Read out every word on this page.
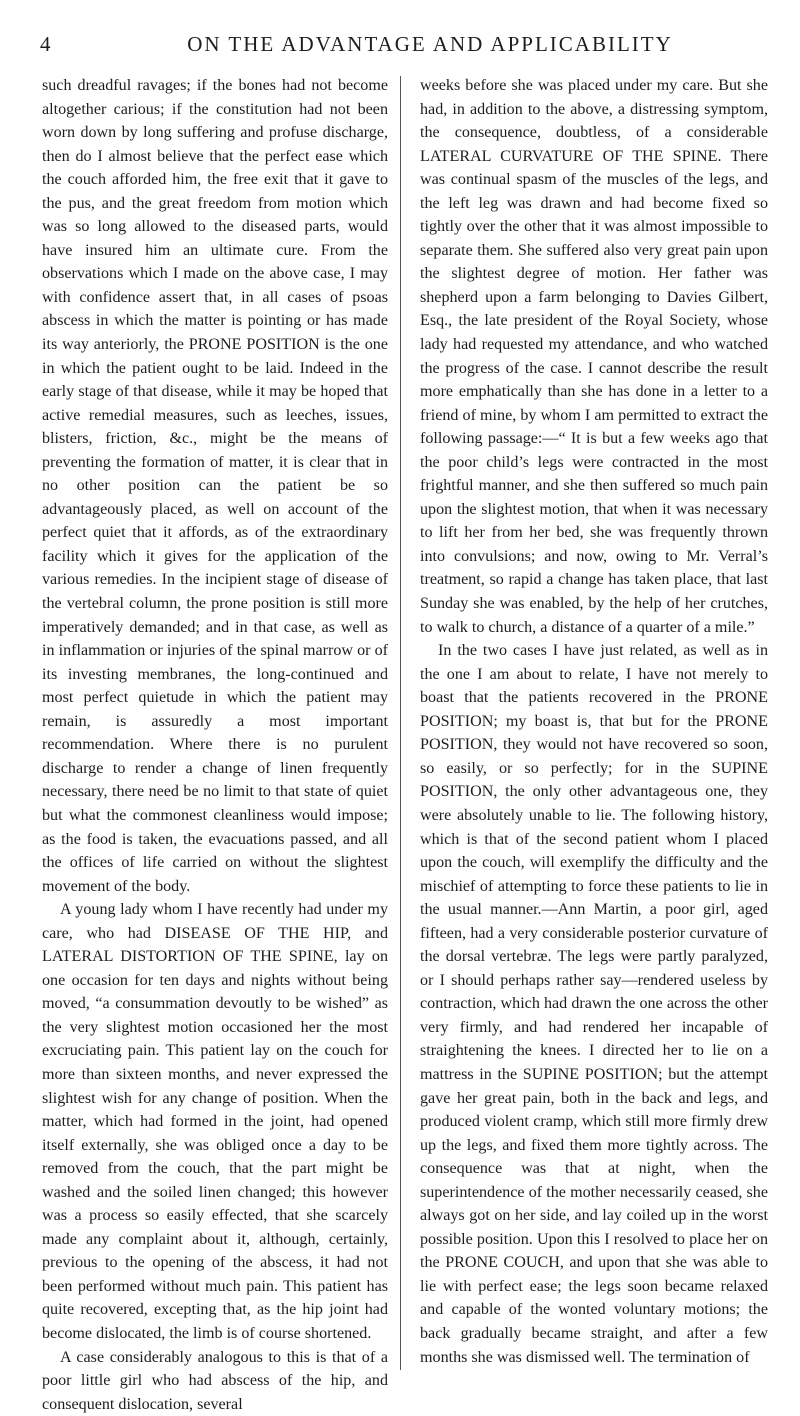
4	ON THE ADVANTAGE AND APPLICABILITY

such dreadful ravages; if the bones had not become altogether carious; if the constitution had not been worn down by long suffering and profuse discharge, then do I almost believe that the perfect ease which the couch afforded him, the free exit that it gave to the pus, and the great freedom from motion which was so long allowed to the diseased parts, would have insured him an ultimate cure. From the observations which I made on the above case, I may with confidence assert that, in all cases of psoas abscess in which the matter is pointing or has made its way anteriorly, the PRONE POSITION is the one in which the patient ought to be laid. Indeed in the early stage of that disease, while it may be hoped that active remedial measures, such as leeches, issues, blisters, friction, &c., might be the means of preventing the formation of matter, it is clear that in no other position can the patient be so advantageously placed, as well on account of the perfect quiet that it affords, as of the extraordinary facility which it gives for the application of the various remedies. In the incipient stage of disease of the vertebral column, the prone position is still more imperatively demanded; and in that case, as well as in inflammation or injuries of the spinal marrow or of its investing membranes, the long-continued and most perfect quietude in which the patient may remain, is assuredly a most important recommendation. Where there is no purulent discharge to render a change of linen frequently necessary, there need be no limit to that state of quiet but what the commonest cleanliness would impose; as the food is taken, the evacuations passed, and all the offices of life carried on without the slightest movement of the body.

A young lady whom I have recently had under my care, who had DISEASE OF THE HIP, and LATERAL DISTORTION OF THE SPINE, lay on one occasion for ten days and nights without being moved, “a consummation devoutly to be wished” as the very slightest motion occasioned her the most excruciating pain. This patient lay on the couch for more than sixteen months, and never expressed the slightest wish for any change of position. When the matter, which had formed in the joint, had opened itself externally, she was obliged once a day to be removed from the couch, that the part might be washed and the soiled linen changed; this however was a process so easily effected, that she scarcely made any complaint about it, although, certainly, previous to the opening of the abscess, it had not been performed without much pain. This patient has quite recovered, excepting that, as the hip joint had become dislocated, the limb is of course shortened.

A case considerably analogous to this is that of a poor little girl who had abscess of the hip, and consequent dislocation, several

weeks before she was placed under my care. But she had, in addition to the above, a distressing symptom, the consequence, doubtless, of a considerable LATERAL CURVATURE OF THE SPINE. There was continual spasm of the muscles of the legs, and the left leg was drawn and had become fixed so tightly over the other that it was almost impossible to separate them. She suffered also very great pain upon the slightest degree of motion. Her father was shepherd upon a farm belonging to Davies Gilbert, Esq., the late president of the Royal Society, whose lady had requested my attendance, and who watched the progress of the case. I cannot describe the result more emphatically than she has done in a letter to a friend of mine, by whom I am permitted to extract the following passage:—“ It is but a few weeks ago that the poor child’s legs were contracted in the most frightful manner, and she then suffered so much pain upon the slightest motion, that when it was necessary to lift her from her bed, she was frequently thrown into convulsions; and now, owing to Mr. Verral’s treatment, so rapid a change has taken place, that last Sunday she was enabled, by the help of her crutches, to walk to church, a distance of a quarter of a mile.”

In the two cases I have just related, as well as in the one I am about to relate, I have not merely to boast that the patients recovered in the PRONE POSITION; my boast is, that but for the PRONE POSITION, they would not have recovered so soon, so easily, or so perfectly; for in the SUPINE POSITION, the only other advantageous one, they were absolutely unable to lie. The following history, which is that of the second patient whom I placed upon the couch, will exemplify the difficulty and the mischief of attempting to force these patients to lie in the usual manner.—Ann Martin, a poor girl, aged fifteen, had a very considerable posterior curvature of the dorsal vertebræ. The legs were partly paralyzed, or I should perhaps rather say—rendered useless by contraction, which had drawn the one across the other very firmly, and had rendered her incapable of straightening the knees. I directed her to lie on a mattress in the SUPINE POSITION; but the attempt gave her great pain, both in the back and legs, and produced violent cramp, which still more firmly drew up the legs, and fixed them more tightly across. The consequence was that at night, when the superintendence of the mother necessarily ceased, she always got on her side, and lay coiled up in the worst possible position. Upon this I resolved to place her on the PRONE COUCH, and upon that she was able to lie with perfect ease; the legs soon became relaxed and capable of the wonted voluntary motions; the back gradually became straight, and after a few months she was dismissed well. The termination of
